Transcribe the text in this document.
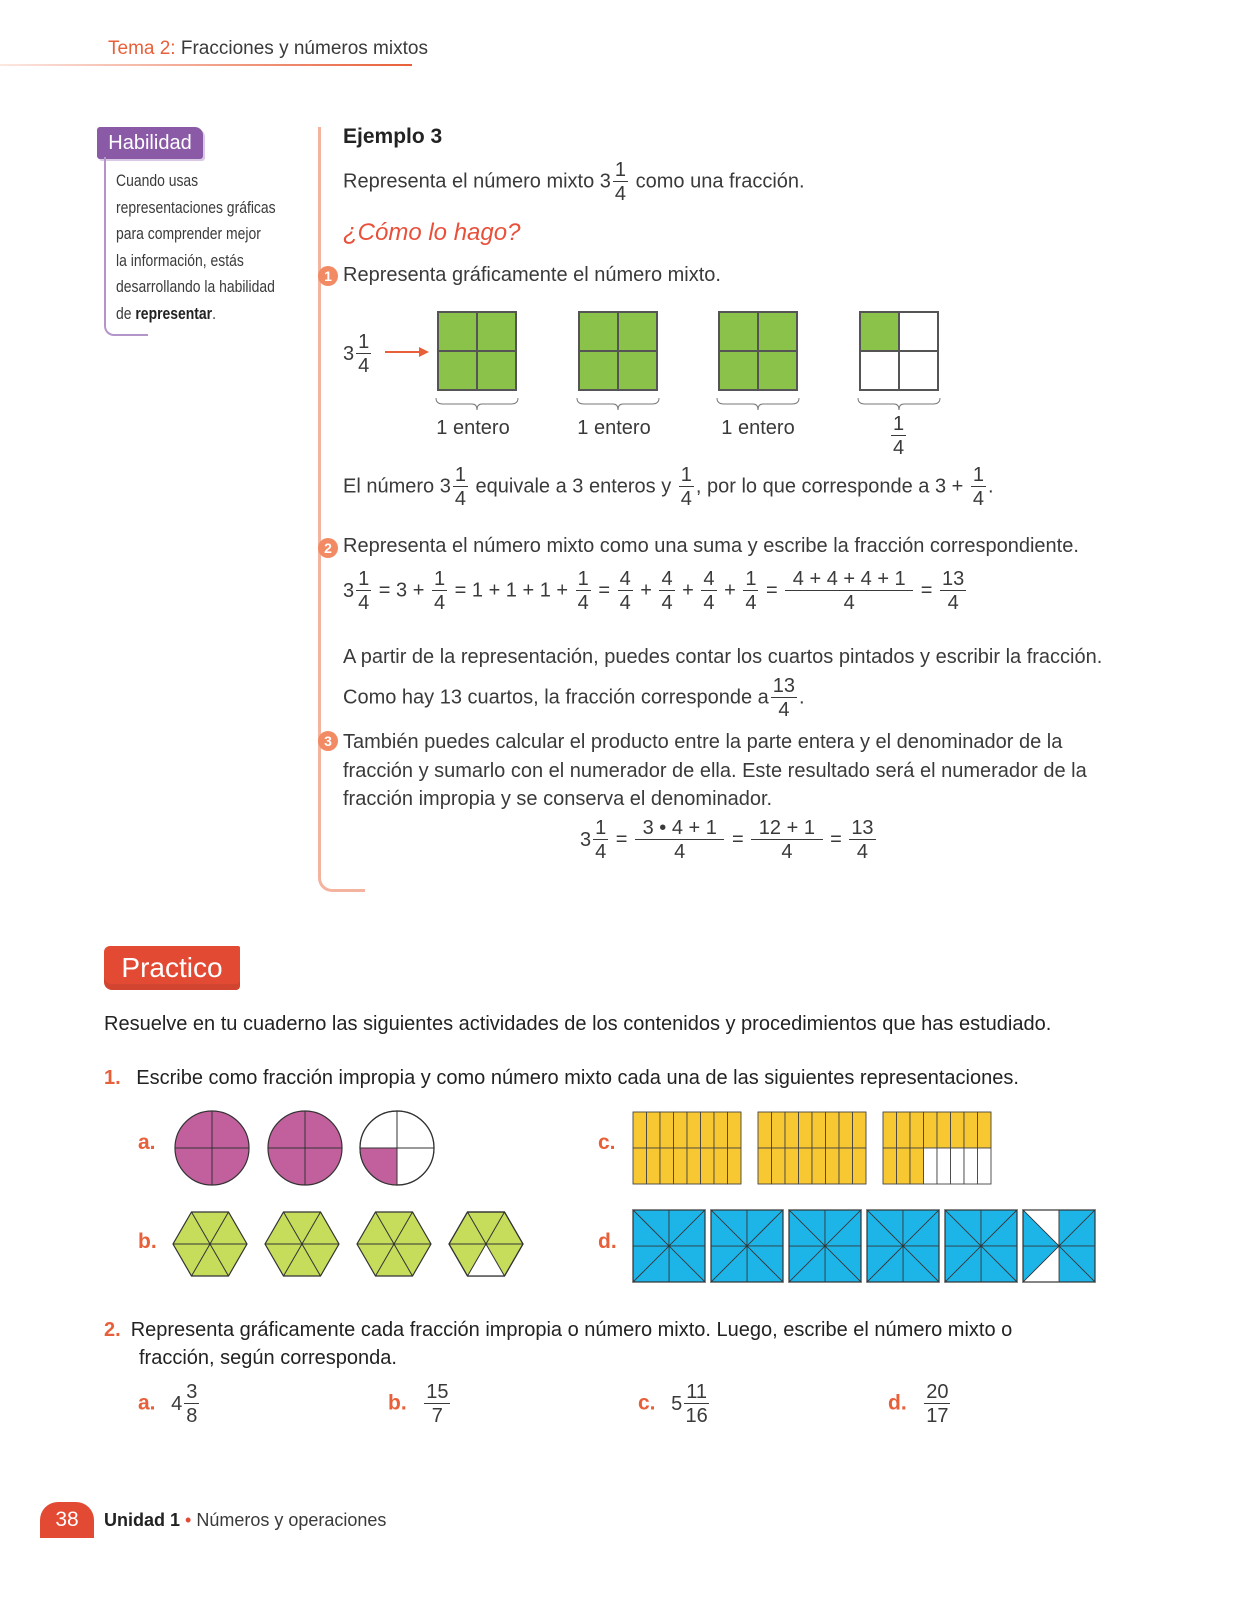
Tema 2: Fracciones y números mixtos
Habilidad
Cuando usas
representaciones gráficas
para comprender mejor
la información, estás
desarrollando la habilidad
de representar.
Ejemplo 3
Representa el número mixto $3 \frac{1}{4}$ como una fracción.
¿Cómo lo hago?
1 Representa gráficamente el número mixto.
$3 \frac{1}{4}$
1 entero	1 entero	1 entero	$\frac{1}{4}$
El número $3 \frac{1}{4}$ equivale a 3 enteros y $\frac{1}{4}$ , por lo que corresponde a $3 + \frac{1}{4}$ .
2 Representa el número mixto como una suma y escribe la fracción correspondiente.
$3 \frac{1}{4} = 3 + \frac{1}{4} = 1 + 1 + 1 + \frac{1}{4} = \frac{4}{4} + \frac{4}{4} + \frac{4}{4} + \frac{1}{4} = \frac{4 + 4 + 4 + 1}{4} = \frac{13}{4}$
A partir de la representación, puedes contar los cuartos pintados y escribir la fracción.
Como hay 13 cuartos, la fracción corresponde a $\frac{13}{4}$ .
3 También puedes calcular el producto entre la parte entera y el denominador de la
fracción y sumarlo con el numerador de ella. Este resultado será el numerador de la
fracción impropia y se conserva el denominador.
$3 \frac{1}{4} = \frac{3 • 4 + 1}{4} = \frac{12 + 1}{4} = \frac{13}{4}$
Practico
Resuelve en tu cuaderno las siguientes actividades de los contenidos y procedimientos que has estudiado.
1. Escribe como fracción impropia y como número mixto cada una de las siguientes representaciones.
a.
b.
c.
d.
2. Representa gráficamente cada fracción impropia o número mixto. Luego, escribe el número mixto o
fracción, según corresponda.
a. $4 \frac{3}{8}$	b. $\frac{15}{7}$	c. $5 \frac{11}{16}$	d. $\frac{20}{17}$
38	Unidad 1 • Números y operaciones
